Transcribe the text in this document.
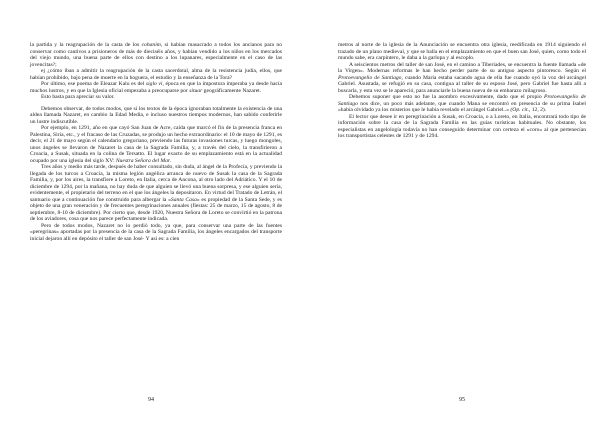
la partida y la reagrupación de la casta de los cohanim, si habían masacrado a todos los ancianos para no conservar como cautivos a prisioneros de más de dieciséis años, y habían vendido a los niños en los mercados del viejo mundo, una buena parte de ellos con destino a los lupanares, especialmente en el caso de las jovencitas?;

ej ¿cómo iban a admitir la reagrupación de la casta sacerdotal, alma de la resistencia judía, ellos, que habían prohibido, bajo pena de muerte en la hoguera, el estudio y la enseñanza de la Tora?

Por último, ese poema de Eleazar Kalu es del siglo vi, época en que la impostura imperaba ya desde hacía muchos lustros, y en que la Iglesia oficial empezaba a preocuparse por situar geográficamente Nazaret.

Esto basta para apreciar su valor.

Debemos observar, de todos modos, que si los textos de la época ignoraban totalmente la existencia de una aldea llamada Nazaret, en cambio la Edad Media, e incluso nuestros tiempos modernos, han sabido conferirle un lustre indiscutible.

Por ejemplo, en 1291, año en que cayó San Juan de Acre, caída que marcó el fin de la presencia franca en Palestina, Siria, etc., y el fracaso de las Cruzadas, se produjo un hecho extraordinario: el 10 de mayo de 1291, es decir, el 21 de mayo según el calendario gregoriano, previendo las futuras invasiones turcas, y luego mongoles, unos ángeles se llevaron de Nazaret la casa de la Sagrada Familia, y, a través del cielo, la transfirieron a Croacia, a Susak, situada en la colina de Tersatto. El lugar exacto de su emplazamiento está en la actualidad ocupado por una iglesia del siglo XV: Nuestra Señora del Mar.

Tres años y medio más tarde, después de haber consultado, sin duda, al ángel de la Profecía, y previendo la llegada de los turcos a Croacia, la misma legión angélica arranca de nuevo de Susak la casa de la Sagrada Familia, y, por los aires, la transfiere a Loreto, en Italia, cerca de Ancona, al otro lado del Adriático. Y el 10 de diciembre de 1294, por la mañana, no hay duda de que alguien se llevó una buena sorpresa, y ese alguien sería, evidentemente, el propietario del terreno en el que los ángeles la depositaron. En virtud del Tratado de Letrán, el santuario que a continuación fue construido para albergar la «Santa Casa» es propiedad de la Santa Sede, y es objeto de una gran veneración y de frecuentes peregrinaciones anuales (fiestas: 25 de marzo, 15 de agosto, 8 de septiembre, 8-10 de diciembre). Por cierto que, desde 1920, Nuestra Señora de Loreto se convirtió en la patrona de los aviadores, cosa que nos parece perfectamente indicada.

Pero de todos modos, Nazaret no lo perdió todo, ya que, para conservar una parte de las fuentes «peregrinas» aportadas por la presencia de la casa de la Sagrada Familia, los ángeles encargados del transporte inicial dejaron allí en depósito el taller de san José· Y así es: a cien

94

metros al norte de la iglesia de la Anunciación se encuentra otra iglesia, reedificada en 1914 siguiendo el trazado de un plano medieval, y que se halla en el emplazamiento en que el buen san José, quien, como todo el mundo sabe, era carpintero, le daba a la garlopa y al escoplo.

A seiscientos metros del taller de san José, en el camino a Tiberíades, se encuentra la fuente llamada «de la Virgen». Modernas reformas le han hecho perder parte de su antiguo aspecto pintoresco. Según el Protoevangelio de Santiago, cuando María estaba sacando agua de ella fue cuando oyó la voz del arcángel Gabriel. Asustada, se refugió en su casa, contigua al taller de su esposo José, pero Gabriel fue hasta allí a buscarla, y esta vez se le apareció, para anunciarle la buena nueva de su embarazo milagroso.

Debemos suponer que esto no fue la asombro excesivamente, dado que el propio Protoevangelio de Santiago nos dice, un poco más adelante, que cuando Mana se encontró en presencia de su prima Isabel «había olvidado ya los misterios que le había revelado el arcángel Gabriel..» (Op. cit., 12, 2).

El lector que desee ir en peregrinación a Susak, en Croacia, o a Loreto, en Italia, encontrará todo tipo de información sobre la casa de la Sagrada Familia en las guías turísticas habituales. No obstante, los especialistas en angelología todavía no han conseguido determinar con certeza el «coro» al que pertenecían los transportistas celestes de 1291 y de 1294.

95
